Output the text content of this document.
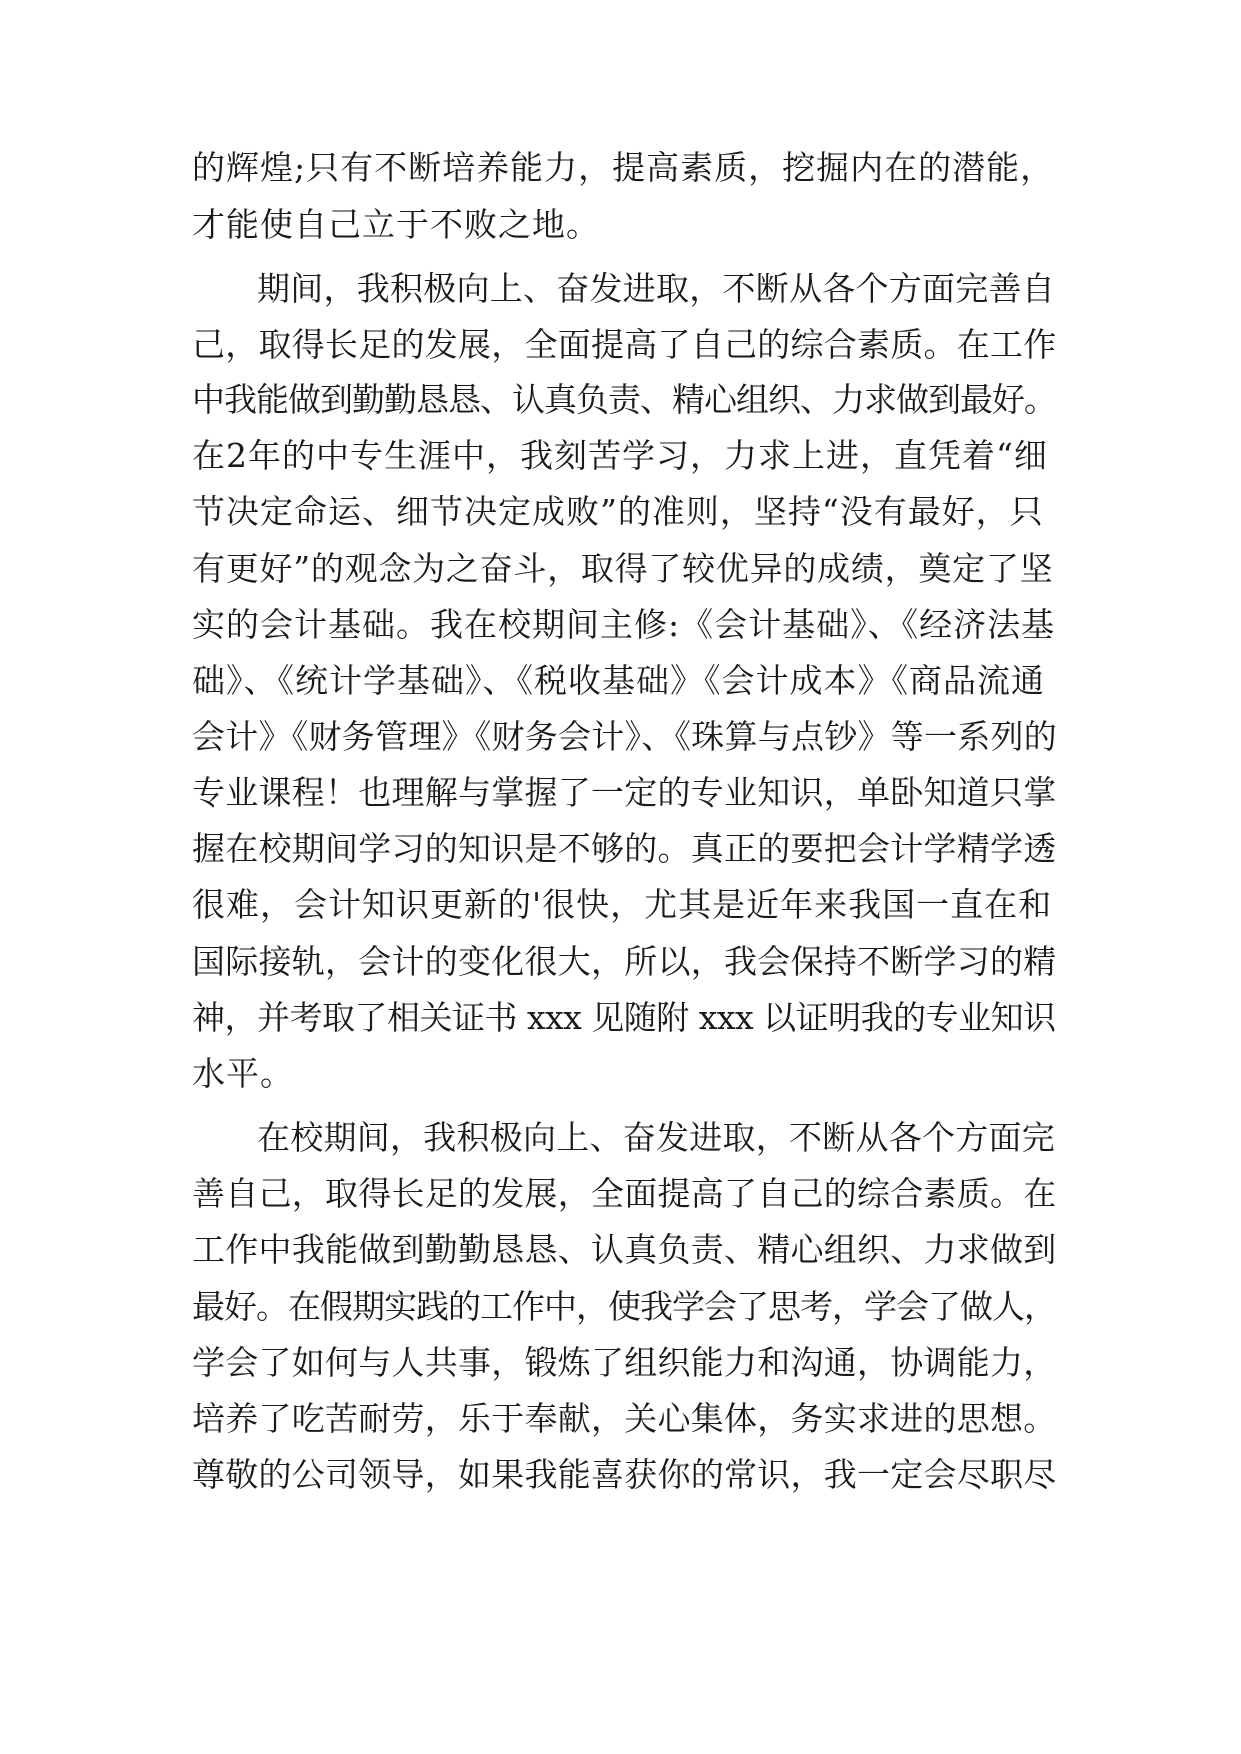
的辉煌;只有不断培养能力，提高素质，挖掘内在的潜能，
才能使自己立于不败之地。
期间，我积极向上、奋发进取，不断从各个方面完善自
己，取得长足的发展，全面提高了自己的综合素质。在工作
中我能做到勤勤恳恳、认真负责、精心组织、力求做到最好。
在2年的中专生涯中，我刻苦学习，力求上进，直凭着“细
节决定命运、细节决定成败”的准则，坚持“没有最好，只
有更好”的观念为之奋斗，取得了较优异的成绩，奠定了坚
实的会计基础。我在校期间主修:《会计基础》、《经济法基
础》、《统计学基础》、《税收基础》《会计成本》《商品流通
会计》《财务管理》《财务会计》、《珠算与点钞》等一系列的
专业课程！也理解与掌握了一定的专业知识，单卧知道只掌
握在校期间学习的知识是不够的。真正的要把会计学精学透
很难，会计知识更新的'很快，尤其是近年来我国一直在和
国际接轨，会计的变化很大，所以，我会保持不断学习的精
神，并考取了相关证书 xxx 见随附 xxx 以证明我的专业知识
水平。
在校期间，我积极向上、奋发进取，不断从各个方面完
善自己，取得长足的发展，全面提高了自己的综合素质。在
工作中我能做到勤勤恳恳、认真负责、精心组织、力求做到
最好。在假期实践的工作中，使我学会了思考，学会了做人，
学会了如何与人共事，锻炼了组织能力和沟通，协调能力，
培养了吃苦耐劳，乐于奉献，关心集体，务实求进的思想。
尊敬的公司领导，如果我能喜获你的常识，我一定会尽职尽
